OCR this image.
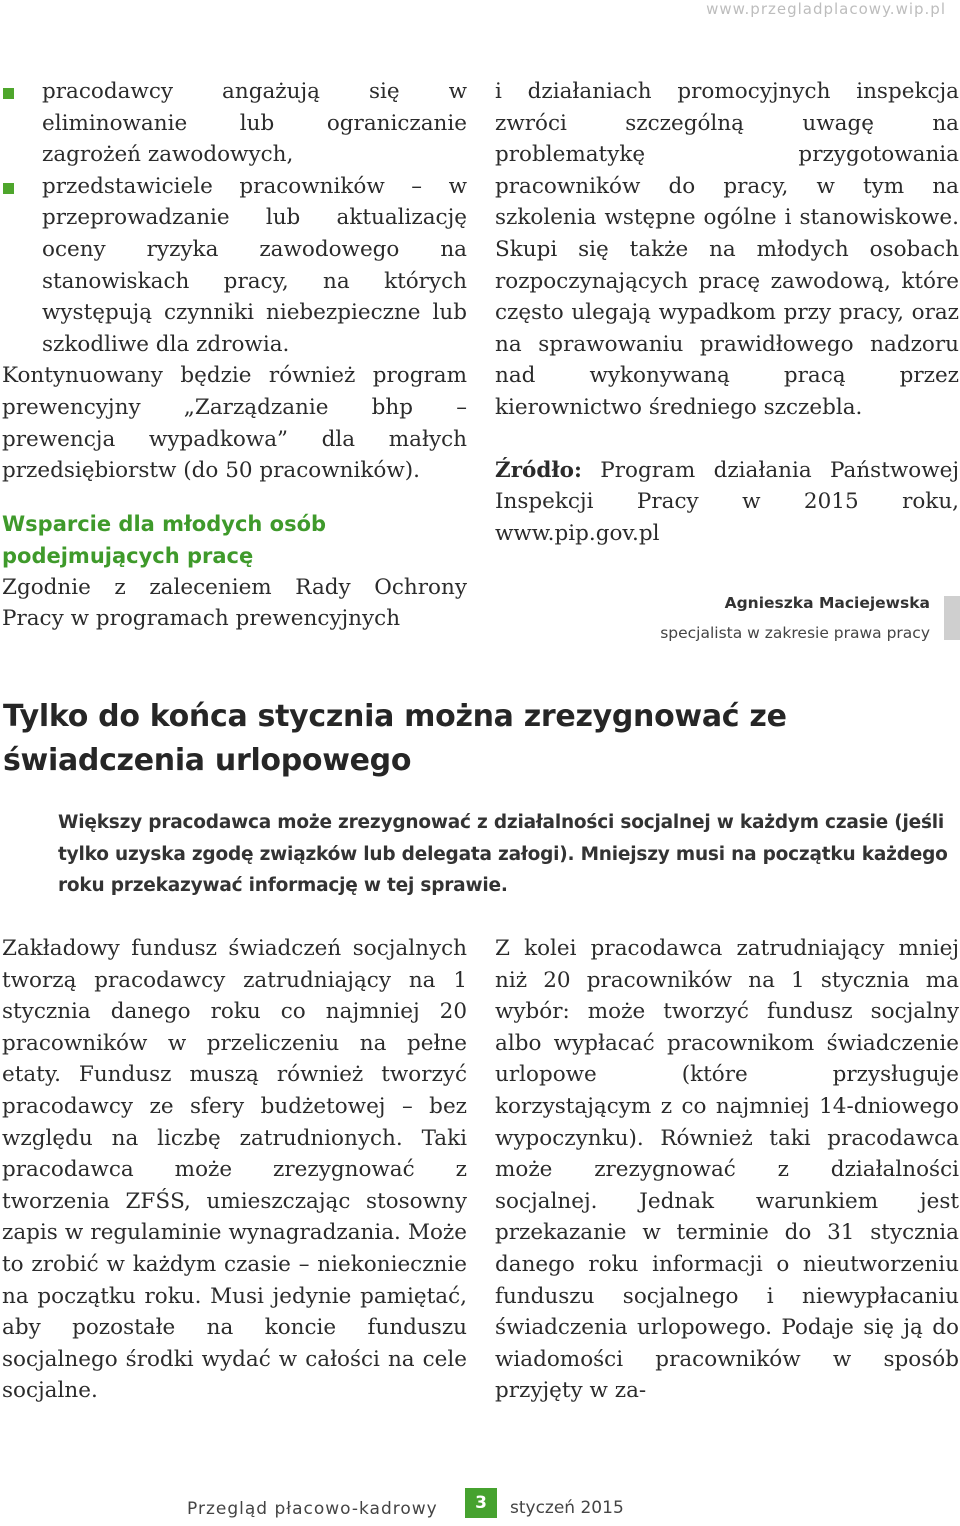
www.przegladplacowy.wip.pl
pracodawcy angażują się w eliminowanie lub ograniczanie zagrożeń zawodowych,
przedstawiciele pracowników – w przeprowadzanie lub aktualizację oceny ryzyka zawodowego na stanowiskach pracy, na których występują czynniki niebezpieczne lub szkodliwe dla zdrowia.

Kontynuowany będzie również program prewencyjny „Zarządzanie bhp – prewencja wypadkowa” dla małych przedsiębiorstw (do 50 pracowników).

Wsparcie dla młodych osób podejmujących pracę

Zgodnie z zaleceniem Rady Ochrony Pracy w programach prewencyjnych

i działaniach promocyjnych inspekcja zwróci szczególną uwagę na problematykę przygotowania pracowników do pracy, w tym na szkolenia wstępne ogólne i stanowiskowe. Skupi się także na młodych osobach rozpoczynających pracę zawodową, które często ulegają wypadkom przy pracy, oraz na sprawowaniu prawidłowego nadzoru nad wykonywaną pracą przez kierownictwo średniego szczebla.

Źródło: Program działania Państwowej Inspekcji Pracy w 2015 roku, www.pip.gov.pl

Agnieszka Maciejewska
specjalista w zakresie prawa pracy
Tylko do końca stycznia można zrezygnować ze świadczenia urlopowego
Większy pracodawca może zrezygnować z działalności socjalnej w każdym czasie (jeśli tylko uzyska zgodę związków lub delegata załogi). Mniejszy musi na początku każdego roku przekazywać informację w tej sprawie.

Zakładowy fundusz świadczeń socjalnych tworzą pracodawcy zatrudniający na 1 stycznia danego roku co najmniej 20 pracowników w przeliczeniu na pełne etaty. Fundusz muszą również tworzyć pracodawcy ze sfery budżetowej – bez względu na liczbę zatrudnionych. Taki pracodawca może zrezygnować z tworzenia ZFŚS, umieszczając stosowny zapis w regulaminie wynagradzania. Może to zrobić w każdym czasie – niekoniecznie na początku roku. Musi jedynie pamiętać, aby pozostałe na koncie funduszu socjalnego środki wydać w całości na cele socjalne.

Z kolei pracodawca zatrudniający mniej niż 20 pracowników na 1 stycznia ma wybór: może tworzyć fundusz socjalny albo wypłacać pracownikom świadczenie urlopowe (które przysługuje korzystającym z co najmniej 14-dniowego wypoczynku). Również taki pracodawca może zrezygnować z działalności socjalnej. Jednak warunkiem jest przekazanie w terminie do 31 stycznia danego roku informacji o nieutworzeniu funduszu socjalnego i niewypłacaniu świadczenia urlopowego. Podaje się ją do wiadomości pracowników w sposób przyjęty w za-

Przegląd płacowo-kadrowy	3	styczeń 2015
